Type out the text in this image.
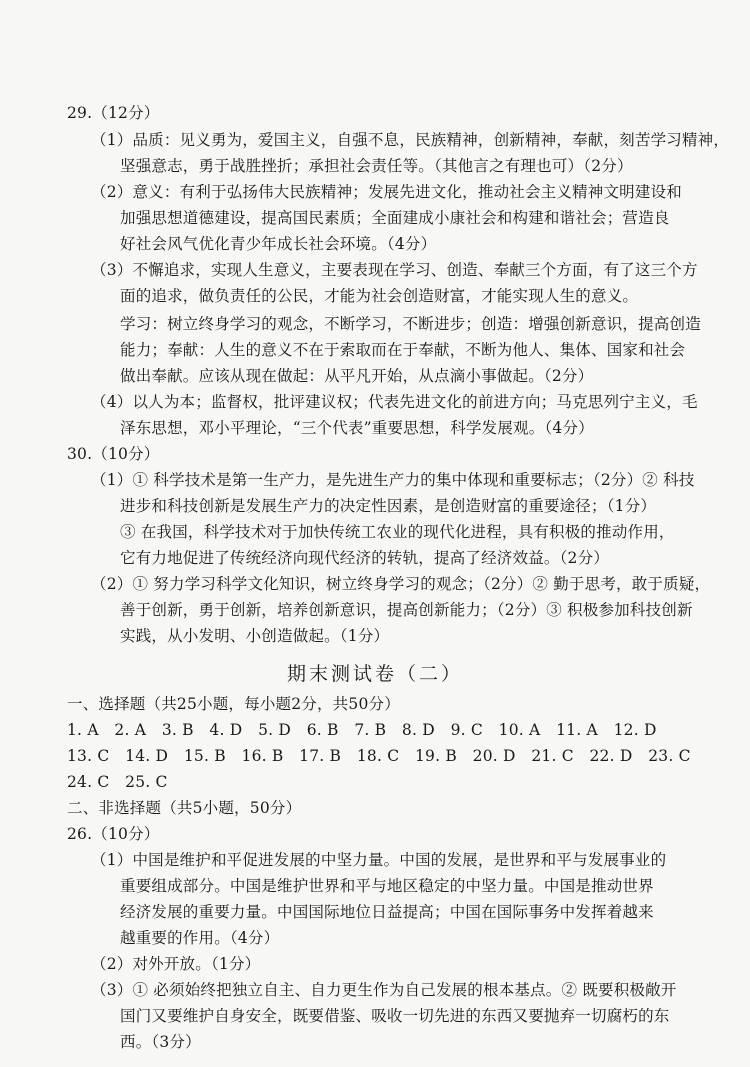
29.（12分）

（1）品质：见义勇为，爱国主义，自强不息，民族精神，创新精神，奉献，刻苦学习精神，

坚强意志，勇于战胜挫折；承担社会责任等。（其他言之有理也可）（2分）

（2）意义：有利于弘扬伟大民族精神；发展先进文化，推动社会主义精神文明建设和

加强思想道德建设，提高国民素质；全面建成小康社会和构建和谐社会；营造良

好社会风气优化青少年成长社会环境。（4分）

（3）不懈追求，实现人生意义，主要表现在学习、创造、奉献三个方面，有了这三个方

面的追求，做负责任的公民，才能为社会创造财富，才能实现人生的意义。

学习：树立终身学习的观念，不断学习，不断进步；创造：增强创新意识，提高创造

能力；奉献：人生的意义不在于索取而在于奉献，不断为他人、集体、国家和社会

做出奉献。应该从现在做起：从平凡开始，从点滴小事做起。（2分）

（4）以人为本；监督权，批评建议权；代表先进文化的前进方向；马克思列宁主义，毛

泽东思想，邓小平理论，“三个代表”重要思想，科学发展观。（4分）

30.（10分）

（1）① 科学技术是第一生产力，是先进生产力的集中体现和重要标志；（2分）② 科技

进步和科技创新是发展生产力的决定性因素，是创造财富的重要途径；（1分）

③ 在我国，科学技术对于加快传统工农业的现代化进程，具有积极的推动作用，

它有力地促进了传统经济向现代经济的转轨，提高了经济效益。（2分）

（2）① 努力学习科学文化知识，树立终身学习的观念；（2分）② 勤于思考，敢于质疑，

善于创新，勇于创新，培养创新意识，提高创新能力；（2分）③ 积极参加科技创新

实践，从小发明、小创造做起。（1分）

期末测试卷（二）

一、选择题（共25小题，每小题2分，共50分）

1. A　2. A　3. B　4. D　5. D　6. B　7. B　8. D　9. C　10. A　11. A　12. D

13. C　14. D　15. B　16. B　17. B　18. C　19. B　20. D　21. C　22. D　23. C

24. C　25. C

二、非选择题（共5小题，50分）

26.（10分）

（1）中国是维护和平促进发展的中坚力量。中国的发展，是世界和平与发展事业的

重要组成部分。中国是维护世界和平与地区稳定的中坚力量。中国是推动世界

经济发展的重要力量。中国国际地位日益提高；中国在国际事务中发挥着越来

越重要的作用。（4分）

（2）对外开放。（1分）

（3）① 必须始终把独立自主、自力更生作为自己发展的根本基点。② 既要积极敞开

国门又要维护自身安全，既要借鉴、吸收一切先进的东西又要抛弃一切腐朽的东

西。（3分）
